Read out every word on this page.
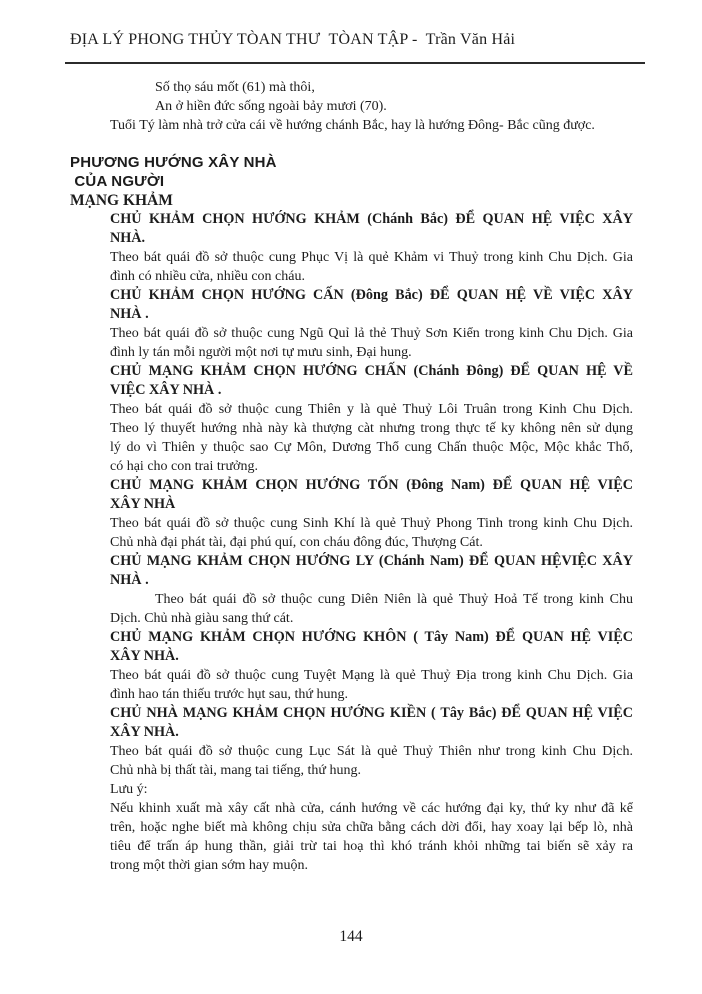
ĐỊA LÝ PHONG THỦY TÒAN THƯ  TÒAN TẬP -  Trần Văn Hải
Số thọ sáu mốt (61) mà thôi,
An ở hiền đức sống ngoài bảy mươi (70).
Tuổi Tý làm nhà trở cửa cái về hướng chánh Bắc, hay là hướng Đông- Bắc cũng được.
PHƯƠNG HƯỚNG XÂY NHÀ
CỦA NGƯỜI
MẠNG KHẢM
CHỦ KHẢM CHỌN HƯỚNG KHẢM (Chánh Bắc) ĐỂ QUAN HỆ VIỆC XÂY
NHÀ.
Theo bát quái đồ sở thuộc cung Phục Vị là quẻ Khảm vi Thuỷ trong kinh Chu Dịch. Gia
đình có nhiều cửa, nhiều con cháu.
CHỦ KHẢM CHỌN HƯỚNG CẤN (Đông Bắc) ĐỂ QUAN HỆ VỀ VIỆC XÂY
NHÀ .
Theo bát quái đồ sở thuộc cung Ngũ Quỉ lả thẻ Thuỷ Sơn Kiển trong kinh Chu Dịch. Gia
đình ly tán mỗi người một nơi tự mưu sinh, Đại hung.
CHỦ MẠNG KHẢM CHỌN HƯỚNG CHẤN (Chánh Đông) ĐỂ QUAN HỆ VỀ
VIỆC XÂY NHÀ .
Theo bát quái đồ sở thuộc cung Thiên y là quẻ Thuỷ Lôi Truân trong Kinh Chu Dịch.
Theo lý thuyết hướng nhà này kà thượng càt nhưng trong thực tế ky không nên sử dụng
lý do vì Thiên y thuộc sao Cự Môn, Dương Thổ cung Chấn thuộc Mộc, Mộc khắc Thổ,
có hại cho con trai trưởng.
CHỦ MẠNG KHẢM CHỌN HƯỚNG TỐN (Đông Nam) ĐỂ QUAN HỆ VIỆC
XÂY NHÀ
Theo bát quái đồ sở thuộc cung Sinh Khí là quẻ Thuỷ Phong Tinh trong kinh Chu Dịch.
Chủ nhà đại phát tài, đại phú quí, con cháu đông đúc, Thượng Cát.
CHỦ MẠNG KHẢM CHỌN HƯỚNG LY (Chánh Nam) ĐỂ QUAN HỆVIỆC XÂY
NHÀ .
Theo bát quái đồ sở thuộc cung Diên Niên là quẻ Thuỷ Hoả Tế trong kinh Chu
Dịch. Chủ nhà giàu sang thứ cát.
CHỦ MẠNG KHẢM CHỌN HƯỚNG KHÔN ( Tây Nam) ĐỂ QUAN HỆ VIỆC
XÂY NHÀ.
Theo bát quái đồ sở thuộc cung Tuyệt Mạng là quẻ Thuỷ Địa trong kinh Chu Dịch. Gia
đình hao tán thiếu trước hụt sau, thứ hung.
CHỦ NHÀ MẠNG KHẢM CHỌN HƯỚNG KIỀN ( Tây Bắc) ĐỂ QUAN HỆ VIỆC
XÂY NHÀ.
Theo bát quái đồ sở thuộc cung Lục Sát là quẻ Thuỷ Thiên như trong kinh Chu Dịch.
Chủ nhà bị thất tài, mang tai tiếng, thứ hung.
Lưu ý:
Nếu khinh xuất mà xây cất nhà cửa, cánh hướng về các hướng đại ky, thứ ky như đã kể
trên, hoặc nghe biết mà không chịu sửa chữa bằng cách dời đổi, hay xoay lại bếp lò, nhà
tiêu để trấn áp hung thần, giải trừ tai hoạ thì khó tránh khỏi những tai biến sẽ xảy ra
trong một thời gian sớm hay muộn.
144
